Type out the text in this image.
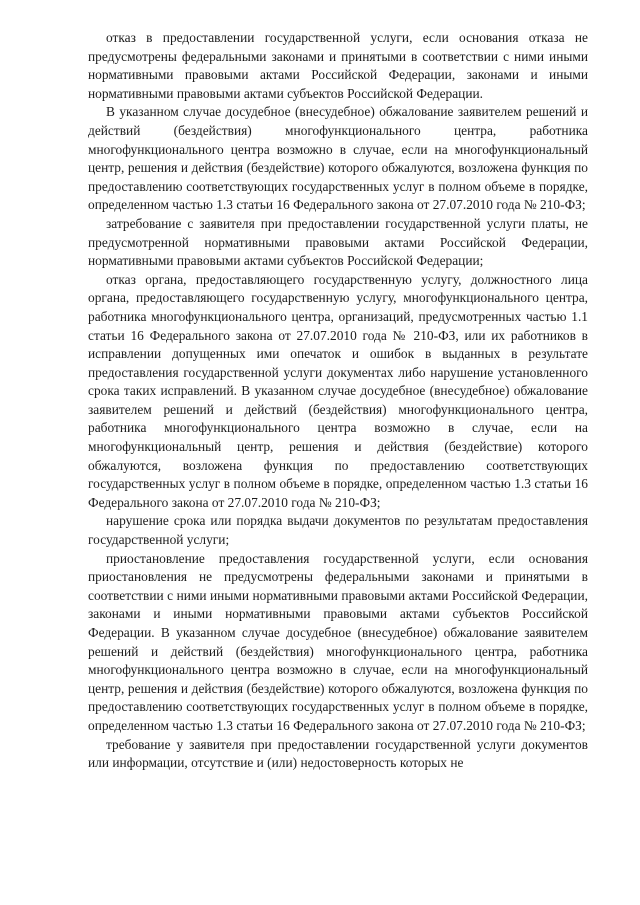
отказ в предоставлении государственной услуги, если основания отказа не предусмотрены федеральными законами и принятыми в соответствии с ними иными нормативными правовыми актами Российской Федерации, законами и иными нормативными правовыми актами субъектов Российской Федерации.

В указанном случае досудебное (внесудебное) обжалование заявителем решений и действий (бездействия) многофункционального центра, работника многофункционального центра возможно в случае, если на многофункциональный центр, решения и действия (бездействие) которого обжалуются, возложена функция по предоставлению соответствующих государственных услуг в полном объеме в порядке, определенном частью 1.3 статьи 16 Федерального закона от 27.07.2010 года № 210-ФЗ;

затребование с заявителя при предоставлении государственной услуги платы, не предусмотренной нормативными правовыми актами Российской Федерации, нормативными правовыми актами субъектов Российской Федерации;

отказ органа, предоставляющего государственную услугу, должностного лица органа, предоставляющего государственную услугу, многофункционального центра, работника многофункционального центра, организаций, предусмотренных частью 1.1 статьи 16 Федерального закона от 27.07.2010 года № 210-ФЗ, или их работников в исправлении допущенных ими опечаток и ошибок в выданных в результате предоставления государственной услуги документах либо нарушение установленного срока таких исправлений. В указанном случае досудебное (внесудебное) обжалование заявителем решений и действий (бездействия) многофункционального центра, работника многофункционального центра возможно в случае, если на многофункциональный центр, решения и действия (бездействие) которого обжалуются, возложена функция по предоставлению соответствующих государственных услуг в полном объеме в порядке, определенном частью 1.3 статьи 16 Федерального закона от 27.07.2010 года № 210-ФЗ;

нарушение срока или порядка выдачи документов по результатам предоставления государственной услуги;

приостановление предоставления государственной услуги, если основания приостановления не предусмотрены федеральными законами и принятыми в соответствии с ними иными нормативными правовыми актами Российской Федерации, законами и иными нормативными правовыми актами субъектов Российской Федерации. В указанном случае досудебное (внесудебное) обжалование заявителем решений и действий (бездействия) многофункционального центра, работника многофункционального центра возможно в случае, если на многофункциональный центр, решения и действия (бездействие) которого обжалуются, возложена функция по предоставлению соответствующих государственных услуг в полном объеме в порядке, определенном частью 1.3 статьи 16 Федерального закона от 27.07.2010 года № 210-ФЗ;

требование у заявителя при предоставлении государственной услуги документов или информации, отсутствие и (или) недостоверность которых не
